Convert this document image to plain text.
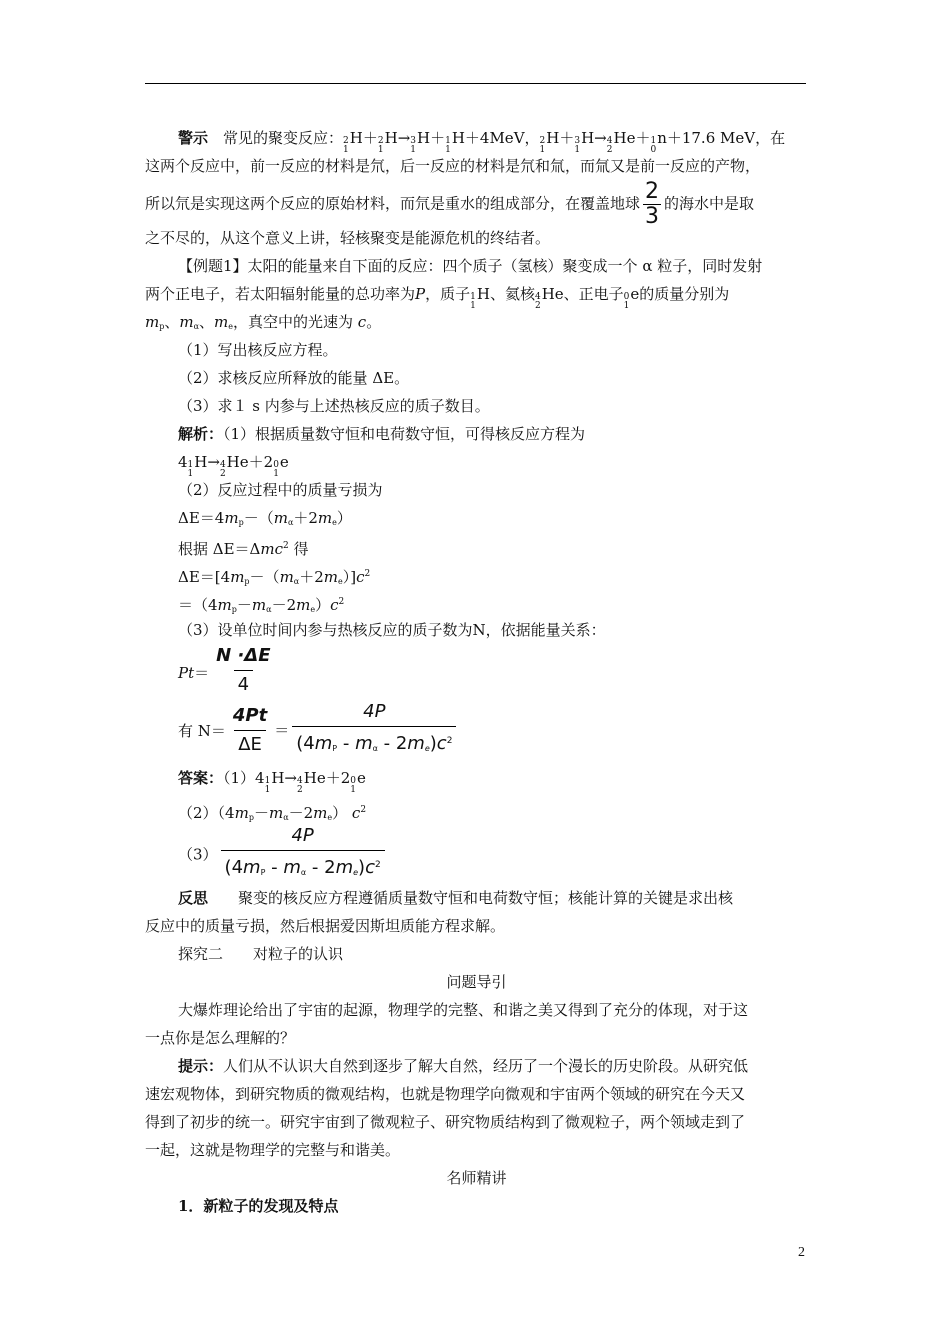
警示　 常见的聚变反应： 2
1
H＋ 2
1
H→ 3
1
H＋ 1
1
H＋4MeV， 2
1
H＋ 3
1
H→ 4
2
He＋ 1
0
n＋17.6 MeV，在
这两个反应中，前一反应的材料是氘，后一反应的材料是氘和氚，而氚又是前一反应的产物，
所以氘是实现这两个反应的原始材料，而氘是重水的组成部分，在覆盖地球 $\frac{2}{3}$ 的海水中是取
之不尽的，从这个意义上讲，轻核聚变是能源危机的终结者。
【例题1】太阳的能量来自下面的反应：四个质子（氢核）聚变成一个 α 粒子，同时发射
两个正电子，若太阳辐射能量的总功率为P，质子 1
1
H、氦核 4
2
He、正电子 0
1
e的质量分别为
mp、mα、me，真空中的光速为 c。
（1）写出核反应方程。
（2）求核反应所释放的能量 ΔE。
（3）求１ s 内参与上述热核反应的质子数目。
解析：（1）根据质量数守恒和电荷数守恒，可得核反应方程为
4 1
1
H→ 4
2
He＋2 0
1
e
（2）反应过程中的质量亏损为
ΔE＝4mp－（mα＋2me）
根据 ΔE＝Δmc$^2$ 得
$\Delta E=[4mp-(m\alpha+2me)]c^2$
$=(4mp-m\alpha-2me)c^2$
（3）设单位时间内参与热核反应的质子数为N，依据能量关系：
$Pt= \frac{N \cdot\Delta E}{4}$
有 $N= \frac{4Pt}{\Delta E} = \frac{4P}{(4mP - m\alpha - 2me)c^2}$
答案：（1）4 1
1
H→ 4
2
He＋2 0
1
e
（2）（4mp－mα－2me） $c^2$
$(3) \frac{4P}{(4mP - m\alpha - 2me)c^2}$
反思　　 聚变的核反应方程遵循质量数守恒和电荷数守恒；核能计算的关键是求出核
反应中的质量亏损，然后根据爱因斯坦质能方程求解。
探究二　　对粒子的认识
问题导引
大爆炸理论给出了宇宙的起源，物理学的完整、和谐之美又得到了充分的体现，对于这
一点你是怎么理解的？
提示：人们从不认识大自然到逐步了解大自然，经历了一个漫长的历史阶段。从研究低
速宏观物体，到研究物质的微观结构，也就是物理学向微观和宇宙两个领域的研究在今天又
得到了初步的统一。研究宇宙到了微观粒子、研究物质结构到了微观粒子，两个领域走到了
一起，这就是物理学的完整与和谐美。
名师精讲
1．新粒子的发现及特点
2
